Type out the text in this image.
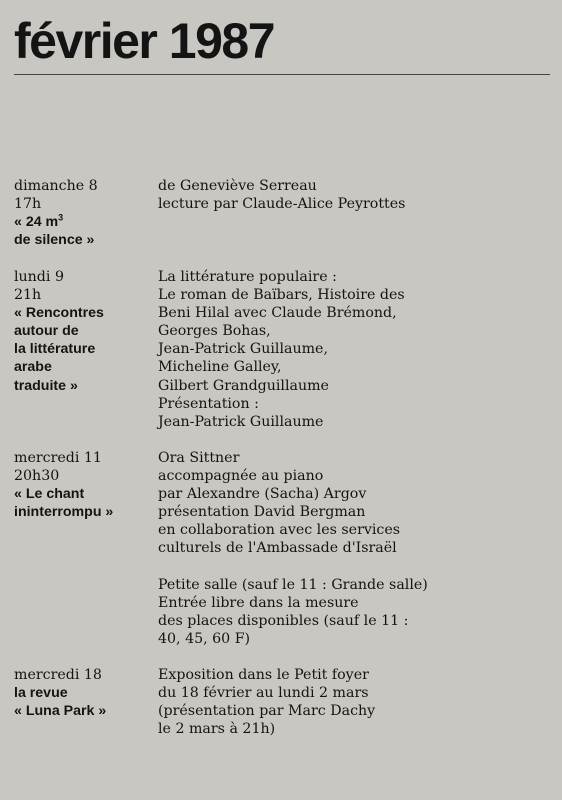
février 1987
dimanche 8
17h
« 24 $m^3$
de silence »
de Geneviève Serreau
lecture par Claude-Alice Peyrottes
lundi 9
21h
« Rencontres
autour de
la littérature
arabe
traduite »
La littérature populaire :
Le roman de Baïbars, Histoire des
Beni Hilal avec Claude Brémond,
Georges Bohas,
Jean-Patrick Guillaume,
Micheline Galley,
Gilbert Grandguillaume
Présentation :
Jean-Patrick Guillaume
mercredi 11
20h30
« Le chant
ininterrompu »
Ora Sittner
accompagnée au piano
par Alexandre (Sacha) Argov
présentation David Bergman
en collaboration avec les services
culturels de l'Ambassade d'Israël
Petite salle (sauf le 11 : Grande salle)
Entrée libre dans la mesure
des places disponibles (sauf le 11 :
40, 45, 60 F)
mercredi 18
la revue
« Luna Park »
Exposition dans le Petit foyer
du 18 février au lundi 2 mars
(présentation par Marc Dachy
le 2 mars à 21h)
